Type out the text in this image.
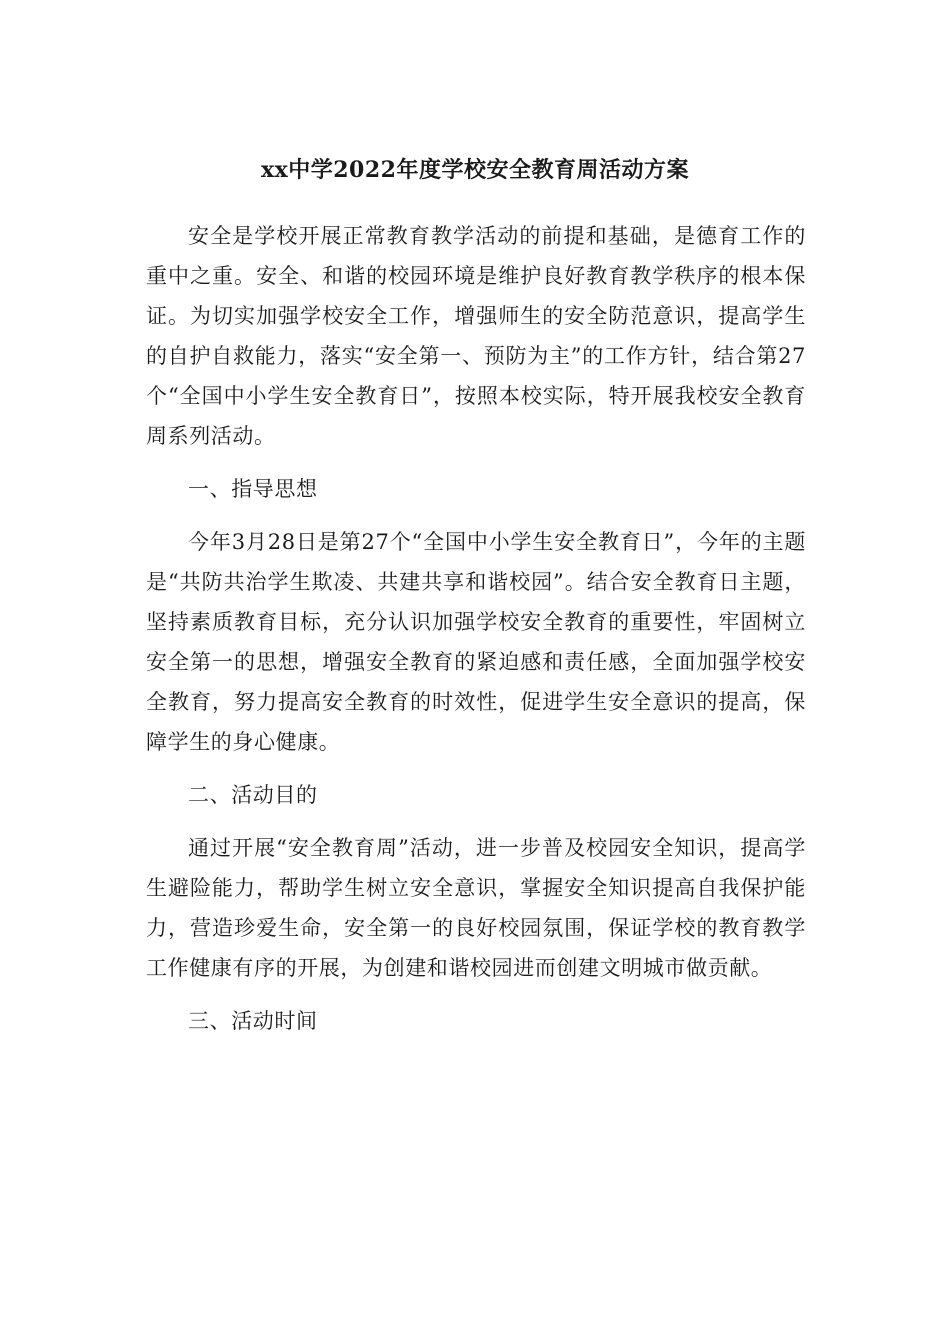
xx中学2022年度学校安全教育周活动方案

安全是学校开展正常教育教学活动的前提和基础，是德育工作的重中之重。安全、和谐的校园环境是维护良好教育教学秩序的根本保证。为切实加强学校安全工作，增强师生的安全防范意识，提高学生的自护自救能力，落实“安全第一、预防为主”的工作方针，结合第27个“全国中小学生安全教育日”，按照本校实际，特开展我校安全教育周系列活动。

一、指导思想

今年3月28日是第27个“全国中小学生安全教育日”，今年的主题是“共防共治学生欺凌、共建共享和谐校园”。结合安全教育日主题，坚持素质教育目标，充分认识加强学校安全教育的重要性，牢固树立安全第一的思想，增强安全教育的紧迫感和责任感，全面加强学校安全教育，努力提高安全教育的时效性，促进学生安全意识的提高，保障学生的身心健康。

二、活动目的

通过开展“安全教育周”活动，进一步普及校园安全知识，提高学生避险能力，帮助学生树立安全意识，掌握安全知识提高自我保护能力，营造珍爱生命，安全第一的良好校园氛围，保证学校的教育教学工作健康有序的开展，为创建和谐校园进而创建文明城市做贡献。

三、活动时间
